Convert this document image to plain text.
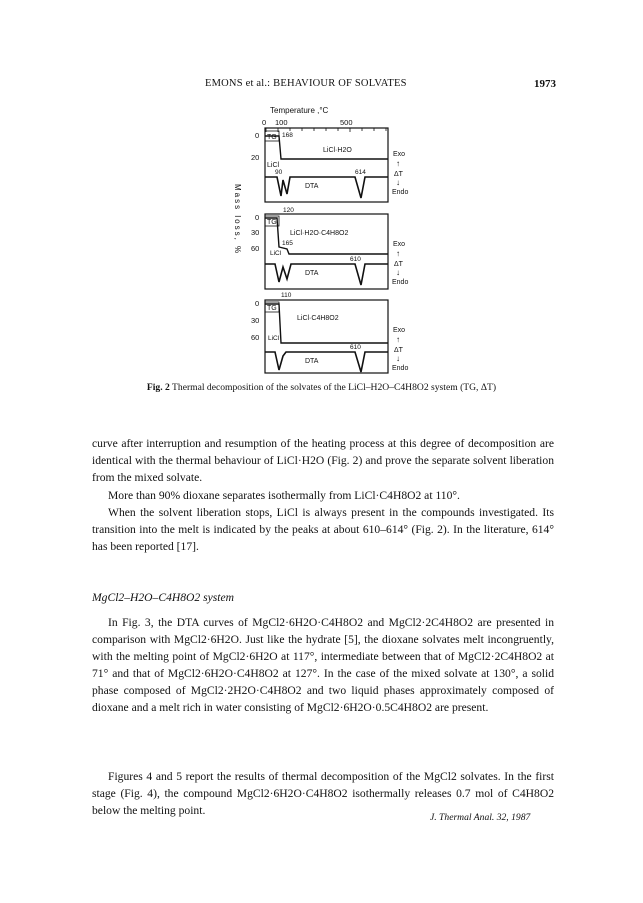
EMONS et al.: BEHAVIOUR OF SOLVATES	1973
Temperature ,°C
0 100	500
Mass loss, %
0
20
TG 168
LiCl·H2O
LiCl
90	614
DTA
Exo
↑
ΔT
↓
Endo
120
0
30
60
TG
LiCl·H2O·C4H8O2
165
LiCl
610
DTA
Exo
↑
ΔT
↓
Endo
110
0
30
60
TG
LiCl·C4H8O2
LiCl
610
DTA
Exo
↑
ΔT
↓
Endo
Fig. 2 Thermal decomposition of the solvates of the LiCl–H2O–C4H8O2 system (TG, ΔT)

curve after interruption and resumption of the heating process at this degree of decomposition are identical with the thermal behaviour of LiCl·H2O (Fig. 2) and prove the separate solvent liberation from the mixed solvate.

More than 90% dioxane separates isothermally from LiCl·C4H8O2 at 110°.

When the solvent liberation stops, LiCl is always present in the compounds investigated. Its transition into the melt is indicated by the peaks at about 610–614° (Fig. 2). In the literature, 614° has been reported [17].

MgCl2–H2O–C4H8O2 system

In Fig. 3, the DTA curves of MgCl2·6H2O·C4H8O2 and MgCl2·2C4H8O2 are presented in comparison with MgCl2·6H2O. Just like the hydrate [5], the dioxane solvates melt incongruently, with the melting point of MgCl2·6H2O at 117°, intermediate between that of MgCl2·2C4H8O2 at 71° and that of MgCl2·6H2O·C4H8O2 at 127°. In the case of the mixed solvate at 130°, a solid phase composed of MgCl2·2H2O·C4H8O2 and two liquid phases approximately composed of dioxane and a melt rich in water consisting of MgCl2·6H2O·0.5C4H8O2 are present.

Figures 4 and 5 report the results of thermal decomposition of the MgCl2 solvates. In the first stage (Fig. 4), the compound MgCl2·6H2O·C4H8O2 isothermally releases 0.7 mol of C4H8O2 below the melting point.

J. Thermal Anal. 32, 1987
